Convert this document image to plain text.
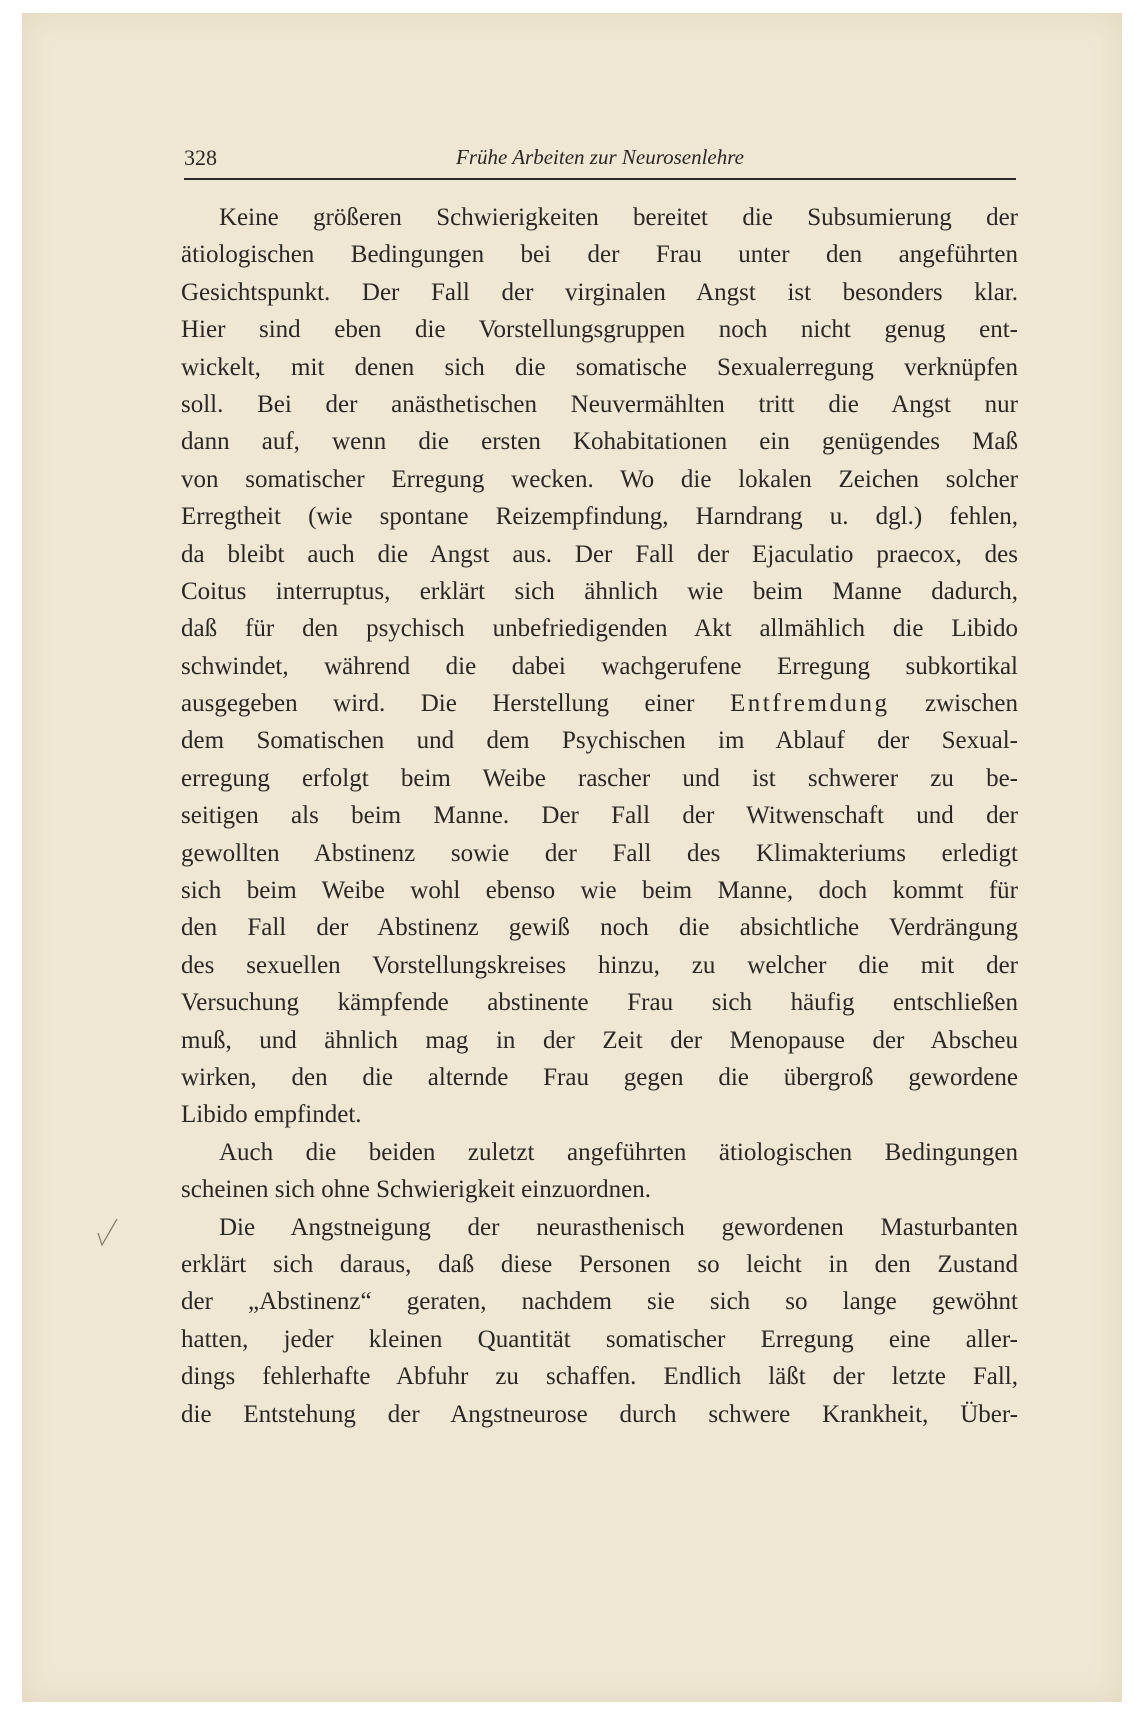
328	Frühe Arbeiten zur Neurosenlehre
Keine größeren Schwierigkeiten bereitet die Subsumierung der
ätiologischen Bedingungen bei der Frau unter den angeführten
Gesichtspunkt. Der Fall der virginalen Angst ist besonders klar.
Hier sind eben die Vorstellungsgruppen noch nicht genug ent-
wickelt, mit denen sich die somatische Sexualerregung verknüpfen
soll. Bei der anästhetischen Neuvermählten tritt die Angst nur
dann auf, wenn die ersten Kohabitationen ein genügendes Maß
von somatischer Erregung wecken. Wo die lokalen Zeichen solcher
Erregtheit (wie spontane Reizempfindung, Harndrang u. dgl.) fehlen,
da bleibt auch die Angst aus. Der Fall der Ejaculatio praecox, des
Coitus interruptus, erklärt sich ähnlich wie beim Manne dadurch,
daß für den psychisch unbefriedigenden Akt allmählich die Libido
schwindet, während die dabei wachgerufene Erregung subkortikal
ausgegeben wird. Die Herstellung einer Entfremdung zwischen
dem Somatischen und dem Psychischen im Ablauf der Sexual-
erregung erfolgt beim Weibe rascher und ist schwerer zu be-
seitigen als beim Manne. Der Fall der Witwenschaft und der
gewollten Abstinenz sowie der Fall des Klimakteriums erledigt
sich beim Weibe wohl ebenso wie beim Manne, doch kommt für
den Fall der Abstinenz gewiß noch die absichtliche Verdrängung
des sexuellen Vorstellungskreises hinzu, zu welcher die mit der
Versuchung kämpfende abstinente Frau sich häufig entschließen
muß, und ähnlich mag in der Zeit der Menopause der Abscheu
wirken, den die alternde Frau gegen die übergroß gewordene
Libido empfindet.
Auch die beiden zuletzt angeführten ätiologischen Bedingungen
scheinen sich ohne Schwierigkeit einzuordnen.
Die Angstneigung der neurasthenisch gewordenen Masturbanten
erklärt sich daraus, daß diese Personen so leicht in den Zustand
der „Abstinenz“ geraten, nachdem sie sich so lange gewöhnt
hatten, jeder kleinen Quantität somatischer Erregung eine aller-
dings fehlerhafte Abfuhr zu schaffen. Endlich läßt der letzte Fall,
die Entstehung der Angstneurose durch schwere Krankheit, Über-
